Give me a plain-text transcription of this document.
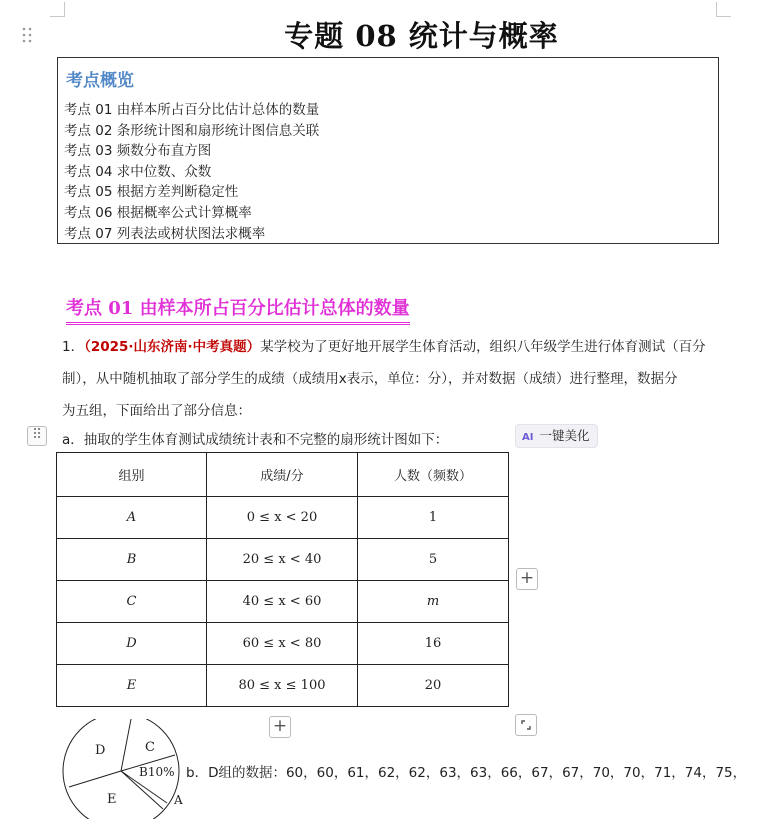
专题 08 统计与概率
考点概览
考点 01 由样本所占百分比估计总体的数量
考点 02 条形统计图和扇形统计图信息关联
考点 03 频数分布直方图
考点 04 求中位数、众数
考点 05 根据方差判断稳定性
考点 06 根据概率公式计算概率
考点 07 列表法或树状图法求概率
考点 01 由样本所占百分比估计总体的数量
1．（2025·山东济南·中考真题）某学校为了更好地开展学生体育活动，组织八年级学生进行体育测试（百分
制），从中随机抽取了部分学生的成绩（成绩用x表示，单位：分），并对数据（成绩）进行整理，数据分
为五组，下面给出了部分信息：
a．抽取的学生体育测试成绩统计表和不完整的扇形统计图如下：	AI 一键美化
组别	成绩/分	人数（频数）
A	0 ≤ x < 20	1
B	20 ≤ x < 40	5
C	40 ≤ x < 60	m
D	60 ≤ x < 80	16
E	80 ≤ x ≤ 100	20
+
+
D	C
B10%
E	A
b．D组的数据：60，60，61，62，62，63，63，66，67，67，70，70，71，74，75，
